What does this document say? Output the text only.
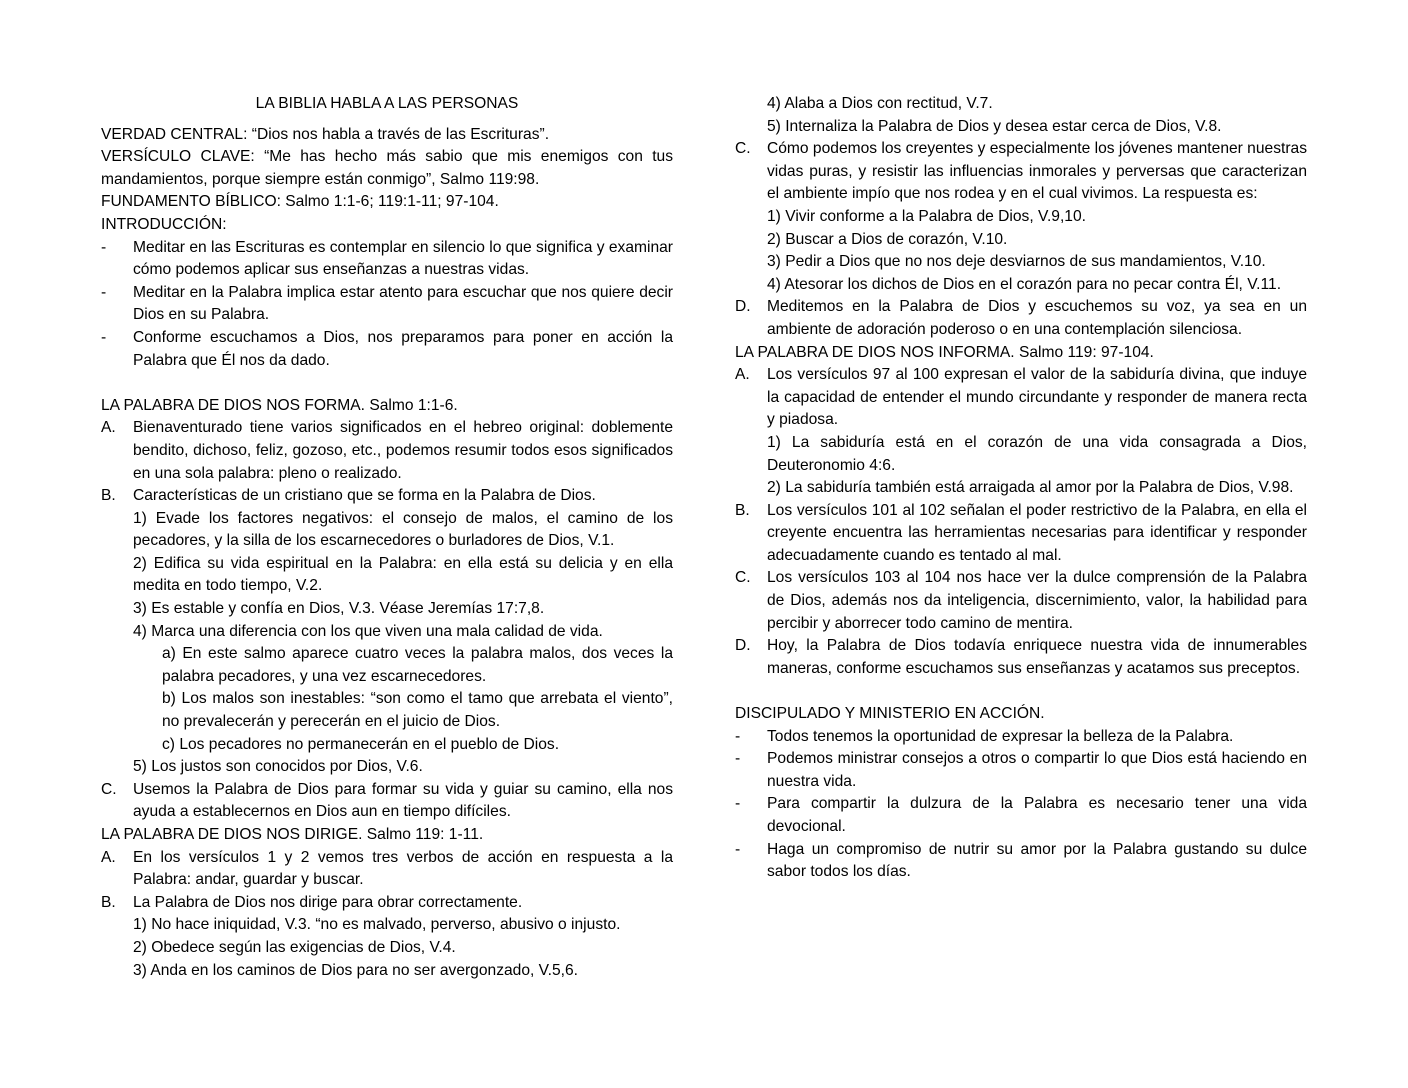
LA BIBLIA HABLA A LAS PERSONAS

VERDAD CENTRAL: “Dios nos habla a través de las Escrituras”.

VERSÍCULO CLAVE: “Me has hecho más sabio que mis enemigos con tus mandamientos, porque siempre están conmigo”, Salmo 119:98.

FUNDAMENTO BÍBLICO: Salmo 1:1-6; 119:1-11; 97-104.

INTRODUCCIÓN:

-	Meditar en las Escrituras es contemplar en silencio lo que significa y examinar cómo podemos aplicar sus enseñanzas a nuestras vidas.
-	Meditar en la Palabra implica estar atento para escuchar que nos quiere decir Dios en su Palabra.
-	Conforme escuchamos a Dios, nos preparamos para poner en acción la Palabra que Él nos da dado.

LA PALABRA DE DIOS NOS FORMA. Salmo 1:1-6.

A.	Bienaventurado tiene varios significados en el hebreo original: doblemente bendito, dichoso, feliz, gozoso, etc., podemos resumir todos esos significados en una sola palabra: pleno o realizado.
B.	Características de un cristiano que se forma en la Palabra de Dios.

1) Evade los factores negativos: el consejo de malos, el camino de los pecadores, y la silla de los escarnecedores o burladores de Dios, V.1.

2) Edifica su vida espiritual en la Palabra: en ella está su delicia y en ella medita en todo tiempo, V.2.

3) Es estable y confía en Dios, V.3. Véase Jeremías 17:7,8.

4) Marca una diferencia con los que viven una mala calidad de vida.

a) En este salmo aparece cuatro veces la palabra malos, dos veces la palabra pecadores, y una vez escarnecedores.

b) Los malos son inestables: “son como el tamo que arrebata el viento”, no prevalecerán y perecerán en el juicio de Dios.

c) Los pecadores no permanecerán en el pueblo de Dios.

5) Los justos son conocidos por Dios, V.6.

C.	Usemos la Palabra de Dios para formar su vida y guiar su camino, ella nos ayuda a establecernos en Dios aun en tiempo difíciles.

LA PALABRA DE DIOS NOS DIRIGE. Salmo 119: 1-11.

A.	En los versículos 1 y 2 vemos tres verbos de acción en respuesta a la Palabra: andar, guardar y buscar.
B.	La Palabra de Dios nos dirige para obrar correctamente.

1) No hace iniquidad, V.3. “no es malvado, perverso, abusivo o injusto.

2) Obedece según las exigencias de Dios, V.4.

3) Anda en los caminos de Dios para no ser avergonzado, V.5,6.

4) Alaba a Dios con rectitud, V.7.

5) Internaliza la Palabra de Dios y desea estar cerca de Dios, V.8.

C.	Cómo podemos los creyentes y especialmente los jóvenes mantener nuestras vidas puras, y resistir las influencias inmorales y perversas que caracterizan el ambiente impío que nos rodea y en el cual vivimos. La respuesta es:

1) Vivir conforme a la Palabra de Dios, V.9,10.

2) Buscar a Dios de corazón, V.10.

3) Pedir a Dios que no nos deje desviarnos de sus mandamientos, V.10.

4) Atesorar los dichos de Dios en el corazón para no pecar contra Él, V.11.

D.	Meditemos en la Palabra de Dios y escuchemos su voz, ya sea en un ambiente de adoración poderoso o en una contemplación silenciosa.

LA PALABRA DE DIOS NOS INFORMA. Salmo 119: 97-104.

A.	Los versículos 97 al 100 expresan el valor de la sabiduría divina, que induye la capacidad de entender el mundo circundante y responder de manera recta y piadosa.

1) La sabiduría está en el corazón de una vida consagrada a Dios, Deuteronomio 4:6.

2) La sabiduría también está arraigada al amor por la Palabra de Dios, V.98.

B.	Los versículos 101 al 102 señalan el poder restrictivo de la Palabra, en ella el creyente encuentra las herramientas necesarias para identificar y responder adecuadamente cuando es tentado al mal.
C.	Los versículos 103 al 104 nos hace ver la dulce comprensión de la Palabra de Dios, además nos da inteligencia, discernimiento, valor, la habilidad para percibir y aborrecer todo camino de mentira.
D.	Hoy, la Palabra de Dios todavía enriquece nuestra vida de innumerables maneras, conforme escuchamos sus enseñanzas y acatamos sus preceptos.

DISCIPULADO Y MINISTERIO EN ACCIÓN.

-	Todos tenemos la oportunidad de expresar la belleza de la Palabra.
-	Podemos ministrar consejos a otros o compartir lo que Dios está haciendo en nuestra vida.
-	Para compartir la dulzura de la Palabra es necesario tener una vida devocional.
-	Haga un compromiso de nutrir su amor por la Palabra gustando su dulce sabor todos los días.
